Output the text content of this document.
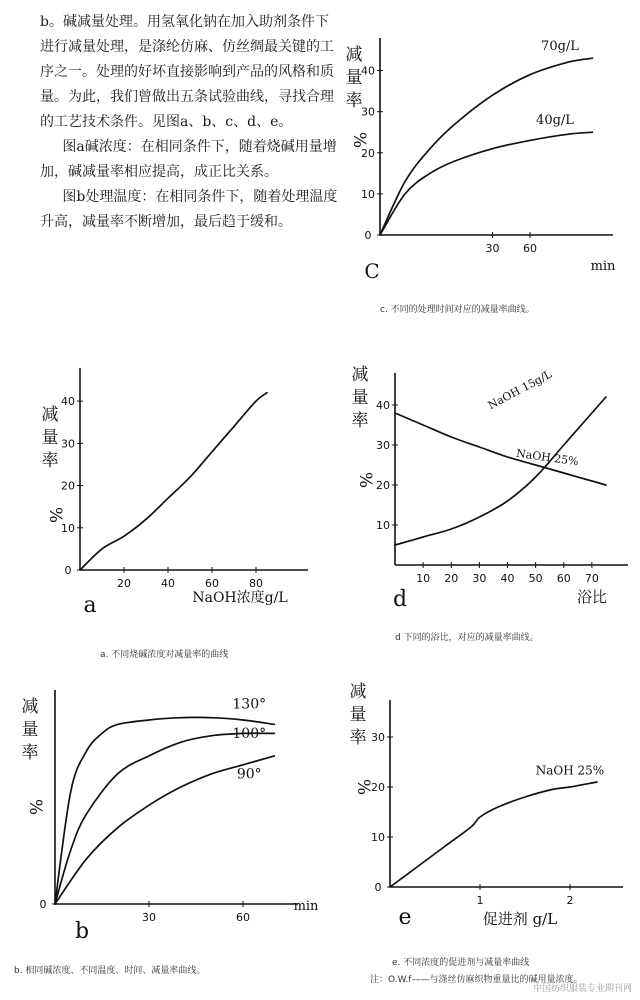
b。碱减量处理。用氢氧化钠在加入助剂条件下进行减量处理，是涤纶仿麻、仿丝绸最关键的工序之一。处理的好坏直接影响到产品的风格和质量。为此，我们曾做出五条试验曲线，寻找合理的工艺技术条件。见图a、b、c、d、e。

图a碱浓度：在相同条件下，随着烧碱用量增加，碱减量率相应提高，成正比关系。

图b处理温度：在相同条件下，随着处理温度升高，减量率不断增加，最后趋于缓和。

0
10
20
30
40
30 60
减
量
率
%
min
C
70g/L
40g/L
c. 不同的处理时间对应的减量率曲线。
0
10
20
30
40
20	40	60	80
减
量
率
%
NaOH浓度g/L
a
a. 不同烧碱浓度对减量率的曲线
10
20
30
40
10 20 30 40 50 60 70
减
量
率
%
浴比
d
NaOH 15g/L
NaOH 25%
d 下同的浴比，对应的减量率曲线。
0
30	60
减
量
率
%
min
b
130°
100°
90°
b. 相同碱浓度、不同温度、时间、减量率曲线。
0
10
20
30
1	2
减
量
率
%
促进剂 g/L
e
NaOH 25%
e. 不同浓度的促进剂与减量率曲线
注：O.W.f——与涤丝仿麻织物重量比的碱用量浓度。
中国纺织服装专业期刊网
